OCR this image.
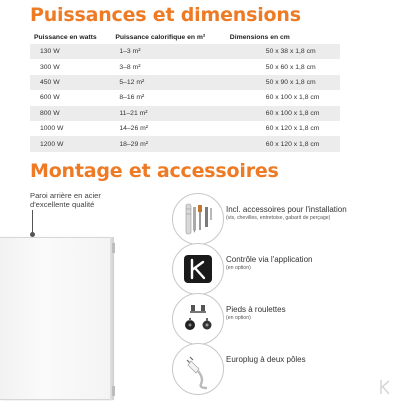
Puissances et dimensions
Puissance en watts	Puissance calorifique en m²	Dimensions en cm
130 W	1–3 m²	50 x 38 x 1,8 cm
300 W	3–8 m²	50 x 60 x 1,8 cm
450 W	5–12 m²	50 x 90 x 1,8 cm
600 W	8–16 m²	60 x 100 x 1,8 cm
800 W	11–21 m²	60 x 100 x 1,8 cm
1000 W	14–26 m²	60 x 120 x 1,8 cm
1200 W	18–29 m²	60 x 120 x 1,8 cm
Montage et accessoires
Paroi arrière en acier d'excellente qualité
Incl. accessoires pour l'installation
(vis, chevilles, entretoise, gabarit de perçage)
Contrôle via l'application
(en option)
Pieds à roulettes
(en option)
Europlug à deux pôles
